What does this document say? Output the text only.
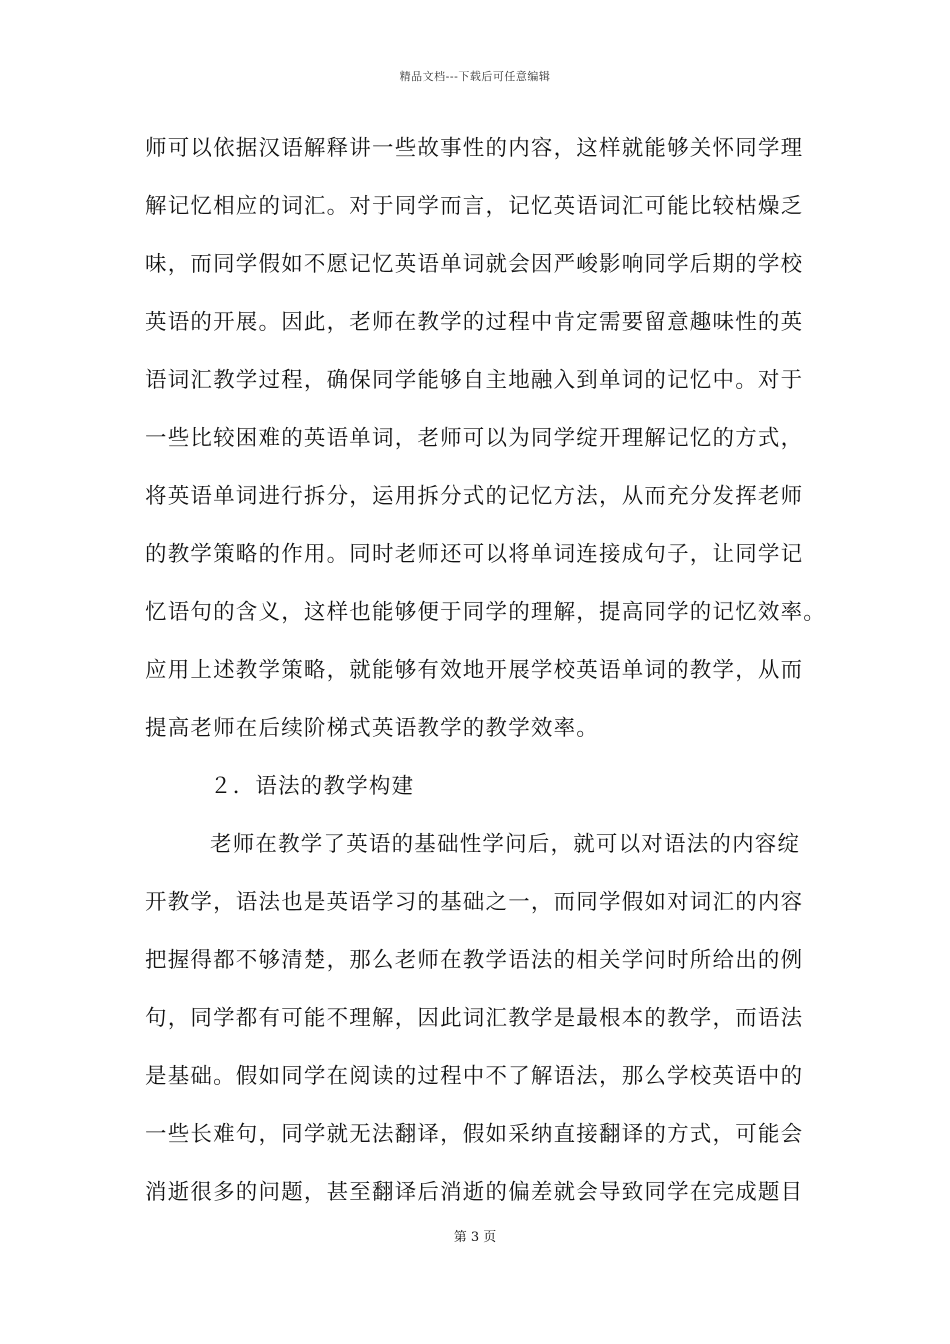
精品文档---下载后可任意编辑
师可以依据汉语解释讲一些故事性的内容，这样就能够关怀同学理
解记忆相应的词汇。对于同学而言，记忆英语词汇可能比较枯燥乏
味，而同学假如不愿记忆英语单词就会因严峻影响同学后期的学校
英语的开展。因此，老师在教学的过程中肯定需要留意趣味性的英
语词汇教学过程，确保同学能够自主地融入到单词的记忆中。对于
一些比较困难的英语单词，老师可以为同学绽开理解记忆的方式，
将英语单词进行拆分，运用拆分式的记忆方法，从而充分发挥老师
的教学策略的作用。同时老师还可以将单词连接成句子，让同学记
忆语句的含义，这样也能够便于同学的理解，提高同学的记忆效率。
应用上述教学策略，就能够有效地开展学校英语单词的教学，从而
提高老师在后续阶梯式英语教学的教学效率。
２．语法的教学构建
老师在教学了英语的基础性学问后，就可以对语法的内容绽
开教学，语法也是英语学习的基础之一，而同学假如对词汇的内容
把握得都不够清楚，那么老师在教学语法的相关学问时所给出的例
句，同学都有可能不理解，因此词汇教学是最根本的教学，而语法
是基础。假如同学在阅读的过程中不了解语法，那么学校英语中的
一些长难句，同学就无法翻译，假如采纳直接翻译的方式，可能会
消逝很多的问题，甚至翻译后消逝的偏差就会导致同学在完成题目
第 3 页
